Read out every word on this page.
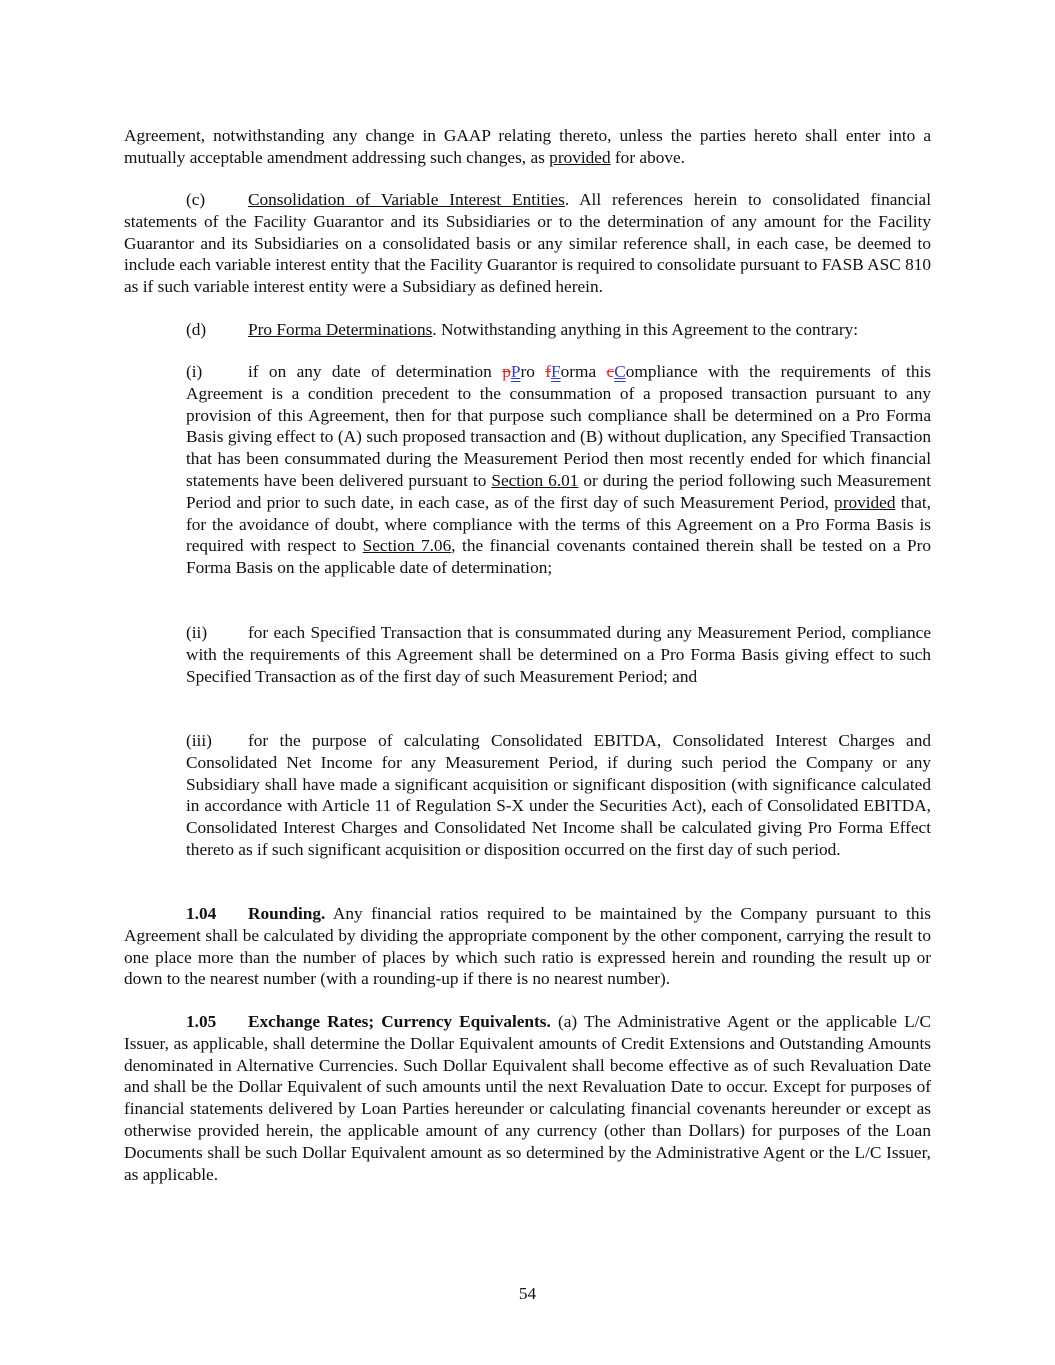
Agreement, notwithstanding any change in GAAP relating thereto, unless the parties hereto shall enter into a mutually acceptable amendment addressing such changes, as provided for above.

(c) Consolidation of Variable Interest Entities. All references herein to consolidated financial statements of the Facility Guarantor and its Subsidiaries or to the determination of any amount for the Facility Guarantor and its Subsidiaries on a consolidated basis or any similar reference shall, in each case, be deemed to include each variable interest entity that the Facility Guarantor is required to consolidate pursuant to FASB ASC 810 as if such variable interest entity were a Subsidiary as defined herein.

(d) Pro Forma Determinations. Notwithstanding anything in this Agreement to the contrary:

(i)	if on any date of determination pPro fForma cCompliance with the requirements of this Agreement is a condition precedent to the consummation of a proposed transaction pursuant to any provision of this Agreement, then for that purpose such compliance shall be determined on a Pro Forma Basis giving effect to (A) such proposed transaction and (B) without duplication, any Specified Transaction that has been consummated during the Measurement Period then most recently ended for which financial statements have been delivered pursuant to Section 6.01 or during the period following such Measurement Period and prior to such date, in each case, as of the first day of such Measurement Period, provided that, for the avoidance of doubt, where compliance with the terms of this Agreement on a Pro Forma Basis is required with respect to Section 7.06, the financial covenants contained therein shall be tested on a Pro Forma Basis on the applicable date of determination;

(ii) for each Specified Transaction that is consummated during any Measurement Period, compliance with the requirements of this Agreement shall be determined on a Pro Forma Basis giving effect to such Specified Transaction as of the first day of such Measurement Period; and

(iii) for the purpose of calculating Consolidated EBITDA, Consolidated Interest Charges and Consolidated Net Income for any Measurement Period, if during such period the Company or any Subsidiary shall have made a significant acquisition or significant disposition (with significance calculated in accordance with Article 11 of Regulation S-X under the Securities Act), each of Consolidated EBITDA, Consolidated Interest Charges and Consolidated Net Income shall be calculated giving Pro Forma Effect thereto as if such significant acquisition or disposition occurred on the first day of such period.

1.04 Rounding. Any financial ratios required to be maintained by the Company pursuant to this Agreement shall be calculated by dividing the appropriate component by the other component, carrying the result to one place more than the number of places by which such ratio is expressed herein and rounding the result up or down to the nearest number (with a rounding-up if there is no nearest number).

1.05 Exchange Rates; Currency Equivalents. (a) The Administrative Agent or the applicable L/C Issuer, as applicable, shall determine the Dollar Equivalent amounts of Credit Extensions and Outstanding Amounts denominated in Alternative Currencies. Such Dollar Equivalent shall become effective as of such Revaluation Date and shall be the Dollar Equivalent of such amounts until the next Revaluation Date to occur. Except for purposes of financial statements delivered by Loan Parties hereunder or calculating financial covenants hereunder or except as otherwise provided herein, the applicable amount of any currency (other than Dollars) for purposes of the Loan Documents shall be such Dollar Equivalent amount as so determined by the Administrative Agent or the L/C Issuer, as applicable.

54
